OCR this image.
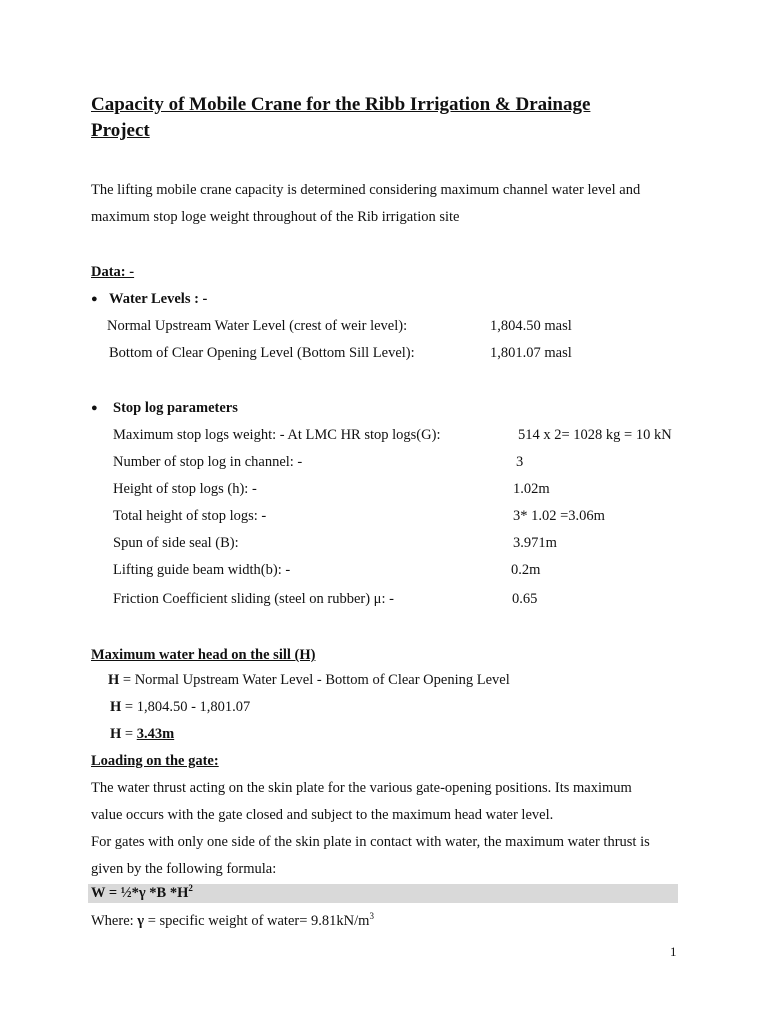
Capacity of Mobile Crane for the Ribb Irrigation & Drainage
Project
The lifting mobile crane capacity is determined considering maximum channel water level and
maximum stop loge weight throughout of the Rib irrigation site
Data: -
● Water Levels : -
Normal Upstream Water Level (crest of weir level):	1,804.50 masl
Bottom of Clear Opening Level (Bottom Sill Level):	1,801.07 masl
● Stop log parameters
Maximum stop logs weight: - At LMC HR stop logs(G):	514 x 2= 1028 kg = 10 kN
Number of stop log in channel: -	3
Height of stop logs (h): -	1.02m
Total height of stop logs: -	3* 1.02 =3.06m
Spun of side seal (B):	3.971m
Lifting guide beam width(b): -	0.2m
Friction Coefficient sliding (steel on rubber) μ: -	0.65
Maximum water head on the sill (H)
H = Normal Upstream Water Level - Bottom of Clear Opening Level
H = 1,804.50 - 1,801.07
H = 3.43m
Loading on the gate:
The water thrust acting on the skin plate for the various gate-opening positions. Its maximum
value occurs with the gate closed and subject to the maximum head water level.
For gates with only one side of the skin plate in contact with water, the maximum water thrust is
given by the following formula:
W = ½*γ *B $*H^2$
Where: γ = specific weight of water= $9.81kN/m^3$
1
